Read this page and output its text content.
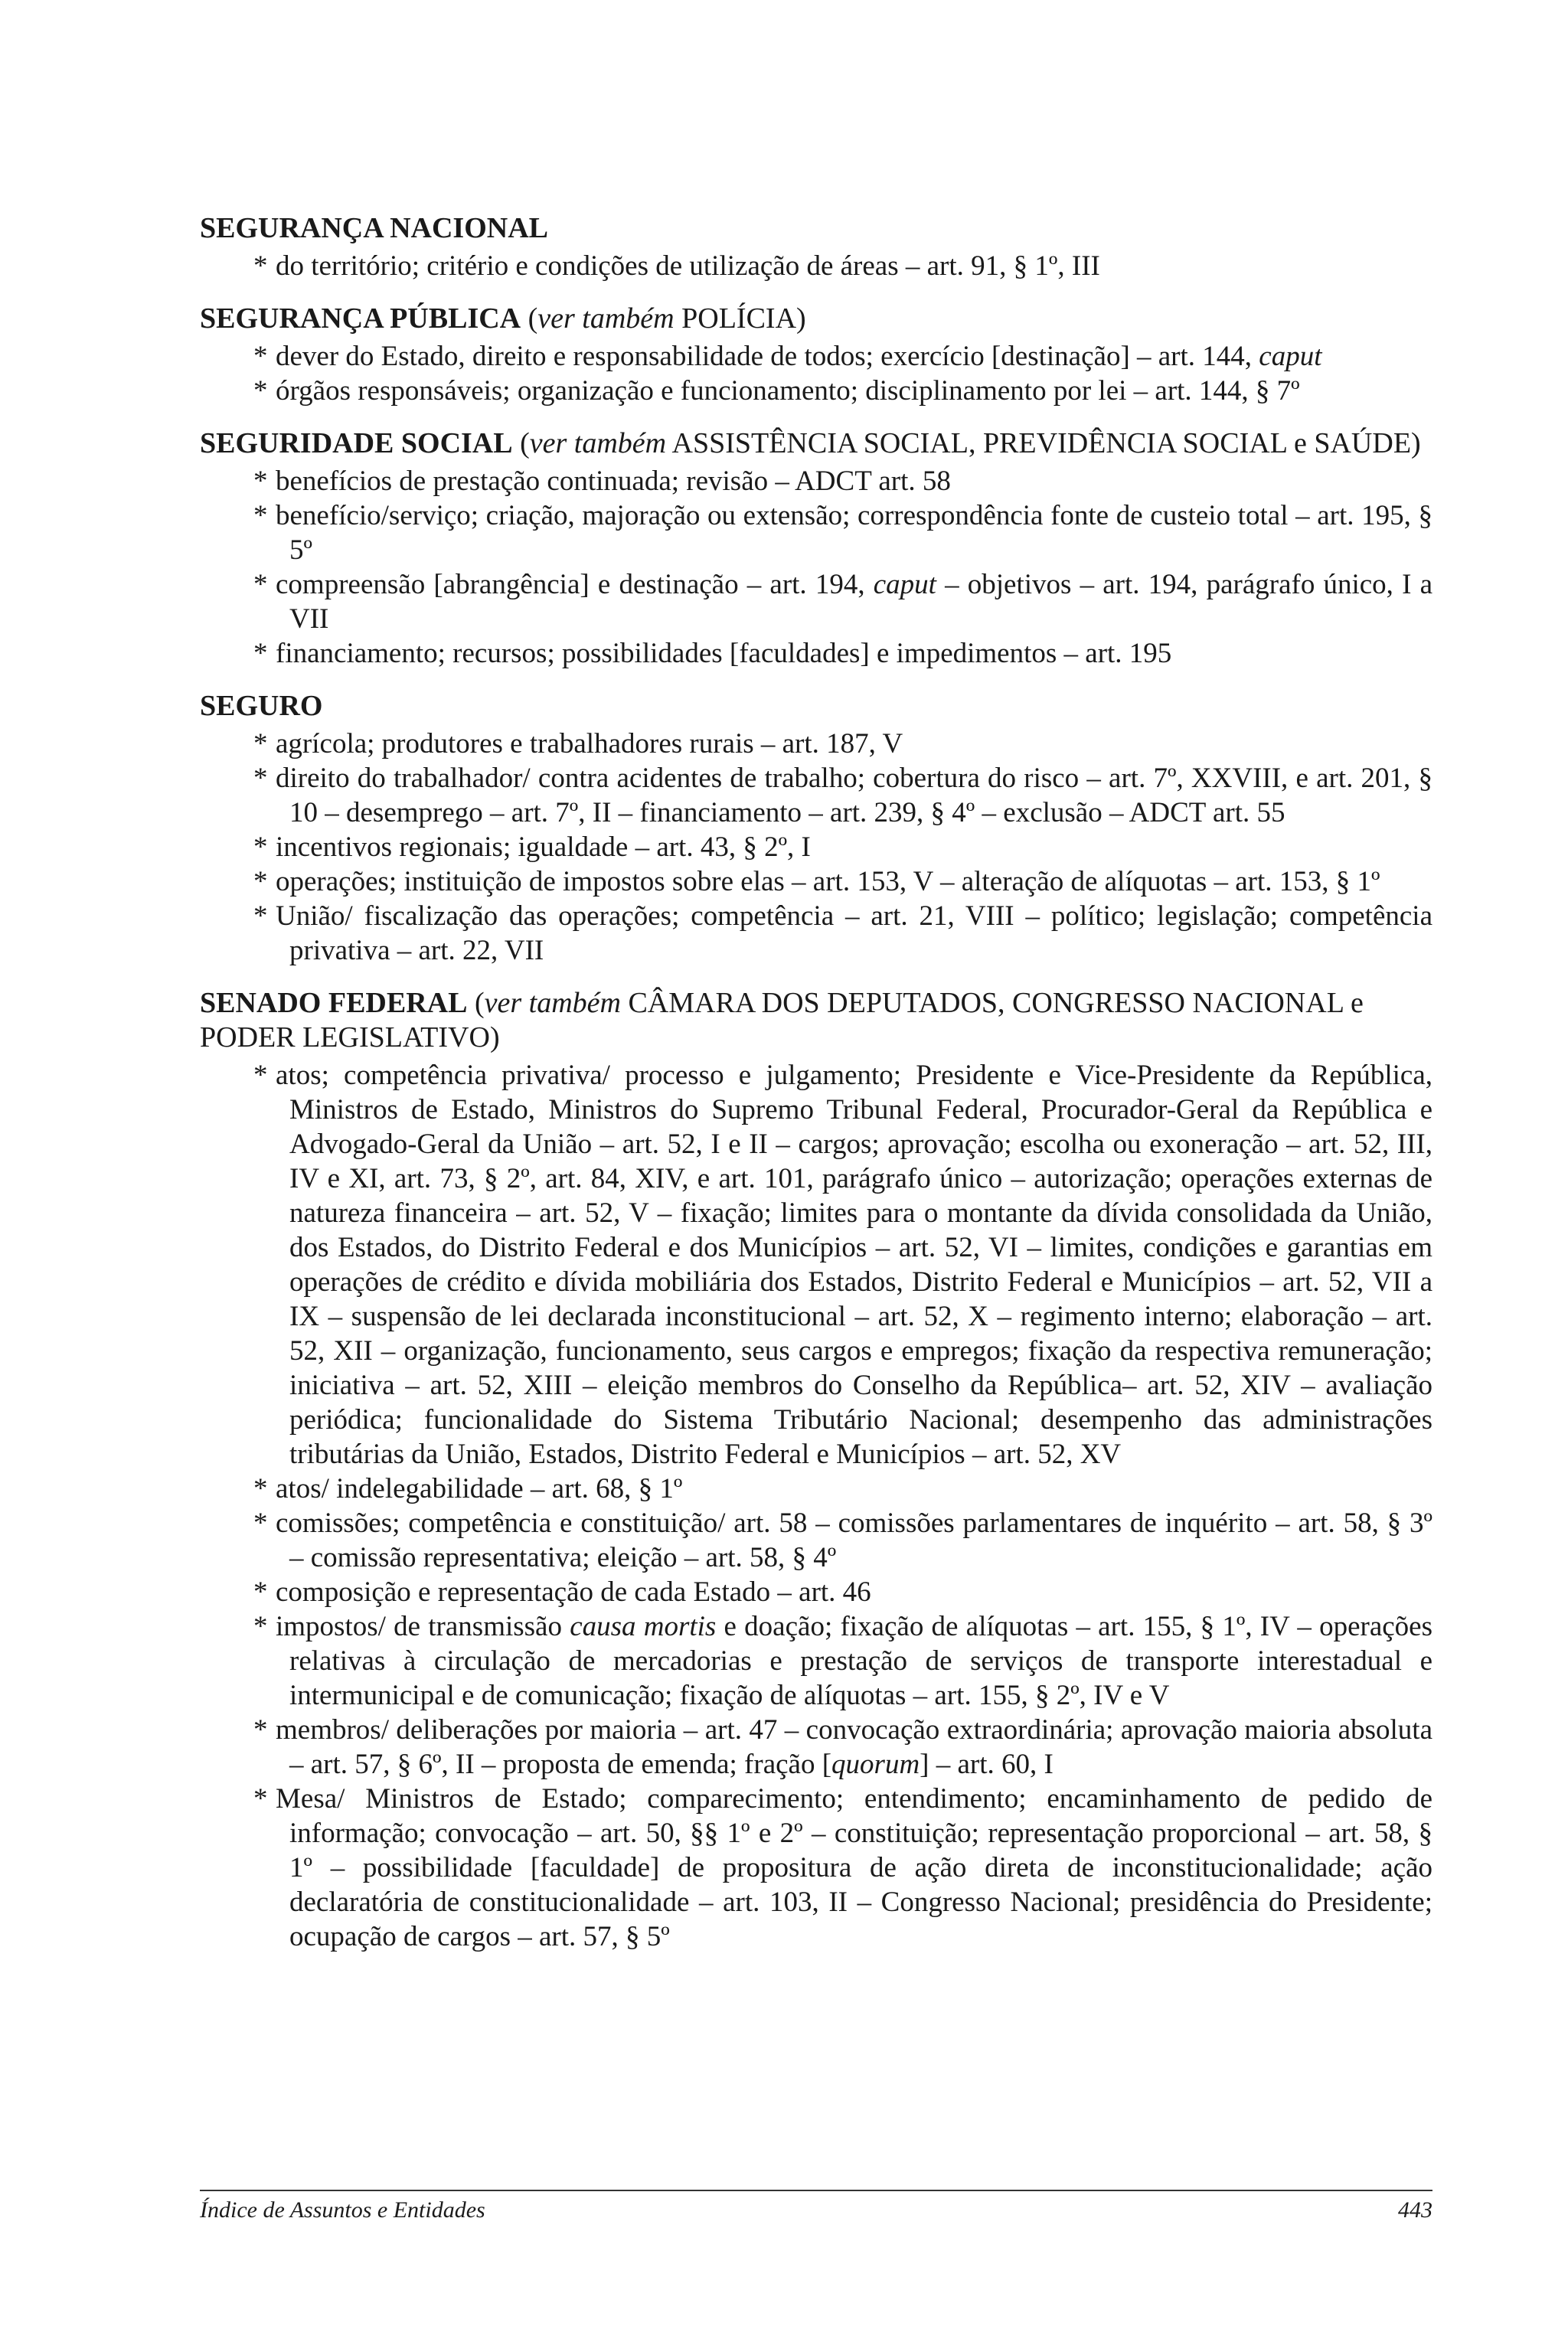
SEGURANÇA NACIONAL
* do território; critério e condições de utilização de áreas – art. 91, § 1º, III
SEGURANÇA PÚBLICA (ver também POLÍCIA)
* dever do Estado, direito e responsabilidade de todos; exercício [destinação] – art. 144, caput
* órgãos responsáveis; organização e funcionamento; disciplinamento por lei – art. 144, § 7º
SEGURIDADE SOCIAL (ver também ASSISTÊNCIA SOCIAL, PREVIDÊNCIA SOCIAL e SAÚDE)
* benefícios de prestação continuada; revisão – ADCT art. 58
* benefício/serviço; criação, majoração ou extensão; correspondência fonte de custeio total – art. 195, § 5º
* compreensão [abrangência] e destinação – art. 194, caput – objetivos – art. 194, parágrafo único, I a VII
* financiamento; recursos; possibilidades [faculdades] e impedimentos – art. 195
SEGURO
* agrícola; produtores e trabalhadores rurais – art. 187, V
* direito do trabalhador/ contra acidentes de trabalho; cobertura do risco – art. 7º, XXVIII, e art. 201, § 10 – desemprego – art. 7º, II – financiamento – art. 239, § 4º – exclusão – ADCT art. 55
* incentivos regionais; igualdade – art. 43, § 2º, I
* operações; instituição de impostos sobre elas – art. 153, V – alteração de alíquotas – art. 153, § 1º
* União/ fiscalização das operações; competência – art. 21, VIII – político; legislação; competência privativa – art. 22, VII
SENADO FEDERAL (ver também CÂMARA DOS DEPUTADOS, CONGRESSO NACIONAL e PODER LEGISLATIVO)
* atos; competência privativa/ processo e julgamento; Presidente e Vice-Presidente da República, Ministros de Estado, Ministros do Supremo Tribunal Federal, Procurador-Geral da República e Advogado-Geral da União – art. 52, I e II – cargos; aprovação; escolha ou exoneração – art. 52, III, IV e XI, art. 73, § 2º, art. 84, XIV, e art. 101, parágrafo único – autorização; operações externas de natureza financeira – art. 52, V – fixação; limites para o montante da dívida consolidada da União, dos Estados, do Distrito Federal e dos Municípios – art. 52, VI – limites, condições e garantias em operações de crédito e dívida mobiliária dos Estados, Distrito Federal e Municípios – art. 52, VII a IX – suspensão de lei declarada inconstitucional – art. 52, X – regimento interno; elaboração – art. 52, XII – organização, funcionamento, seus cargos e empregos; fixação da respectiva remuneração; iniciativa – art. 52, XIII – eleição membros do Conselho da República– art. 52, XIV – avaliação periódica; funcionalidade do Sistema Tributário Nacional; desempenho das administrações tributárias da União, Estados, Distrito Federal e Municípios – art. 52, XV
* atos/ indelegabilidade – art. 68, § 1º
* comissões; competência e constituição/ art. 58 – comissões parlamentares de inquérito – art. 58, § 3º – comissão representativa; eleição – art. 58, § 4º
* composição e representação de cada Estado – art. 46
* impostos/ de transmissão causa mortis e doação; fixação de alíquotas – art. 155, § 1º, IV – operações relativas à circulação de mercadorias e prestação de serviços de transporte interestadual e intermunicipal e de comunicação; fixação de alíquotas – art. 155, § 2º, IV e V
* membros/ deliberações por maioria – art. 47 – convocação extraordinária; aprovação maioria absoluta – art. 57, § 6º, II – proposta de emenda; fração [quorum] – art. 60, I
* Mesa/ Ministros de Estado; comparecimento; entendimento; encaminhamento de pedido de informação; convocação – art. 50, §§ 1º e 2º – constituição; representação proporcional – art. 58, § 1º – possibilidade [faculdade] de propositura de ação direta de inconstitucionalidade; ação declaratória de constitucionalidade – art. 103, II – Congresso Nacional; presidência do Presidente; ocupação de cargos – art. 57, § 5º
Índice de Assuntos e Entidades	443
